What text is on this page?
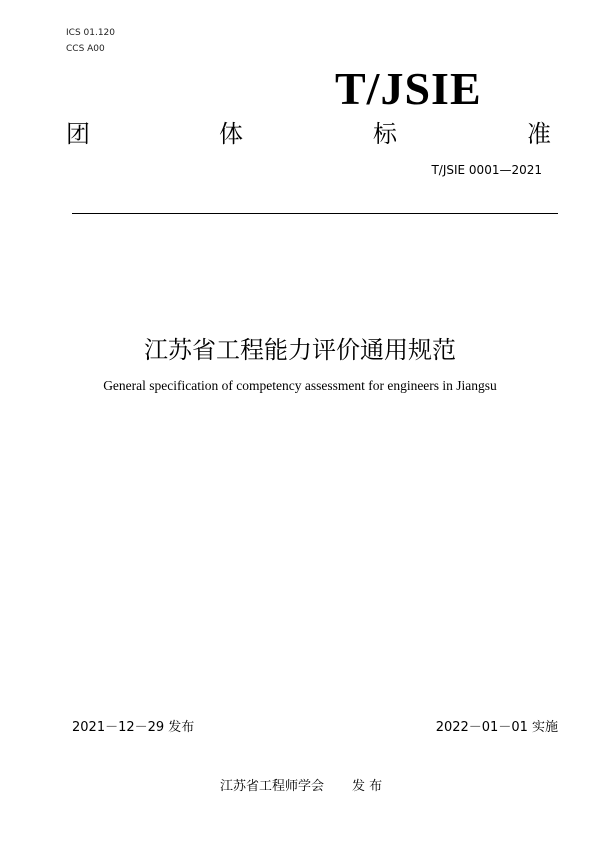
ICS 01.120
CCS A00
T/JSIE
团	体	标	准
T/JSIE 0001—2021
江苏省工程能力评价通用规范
General specification of competency assessment for engineers in Jiangsu
2021－12－29 发布	2022－01－01 实施
江苏省工程师学会 发 布
